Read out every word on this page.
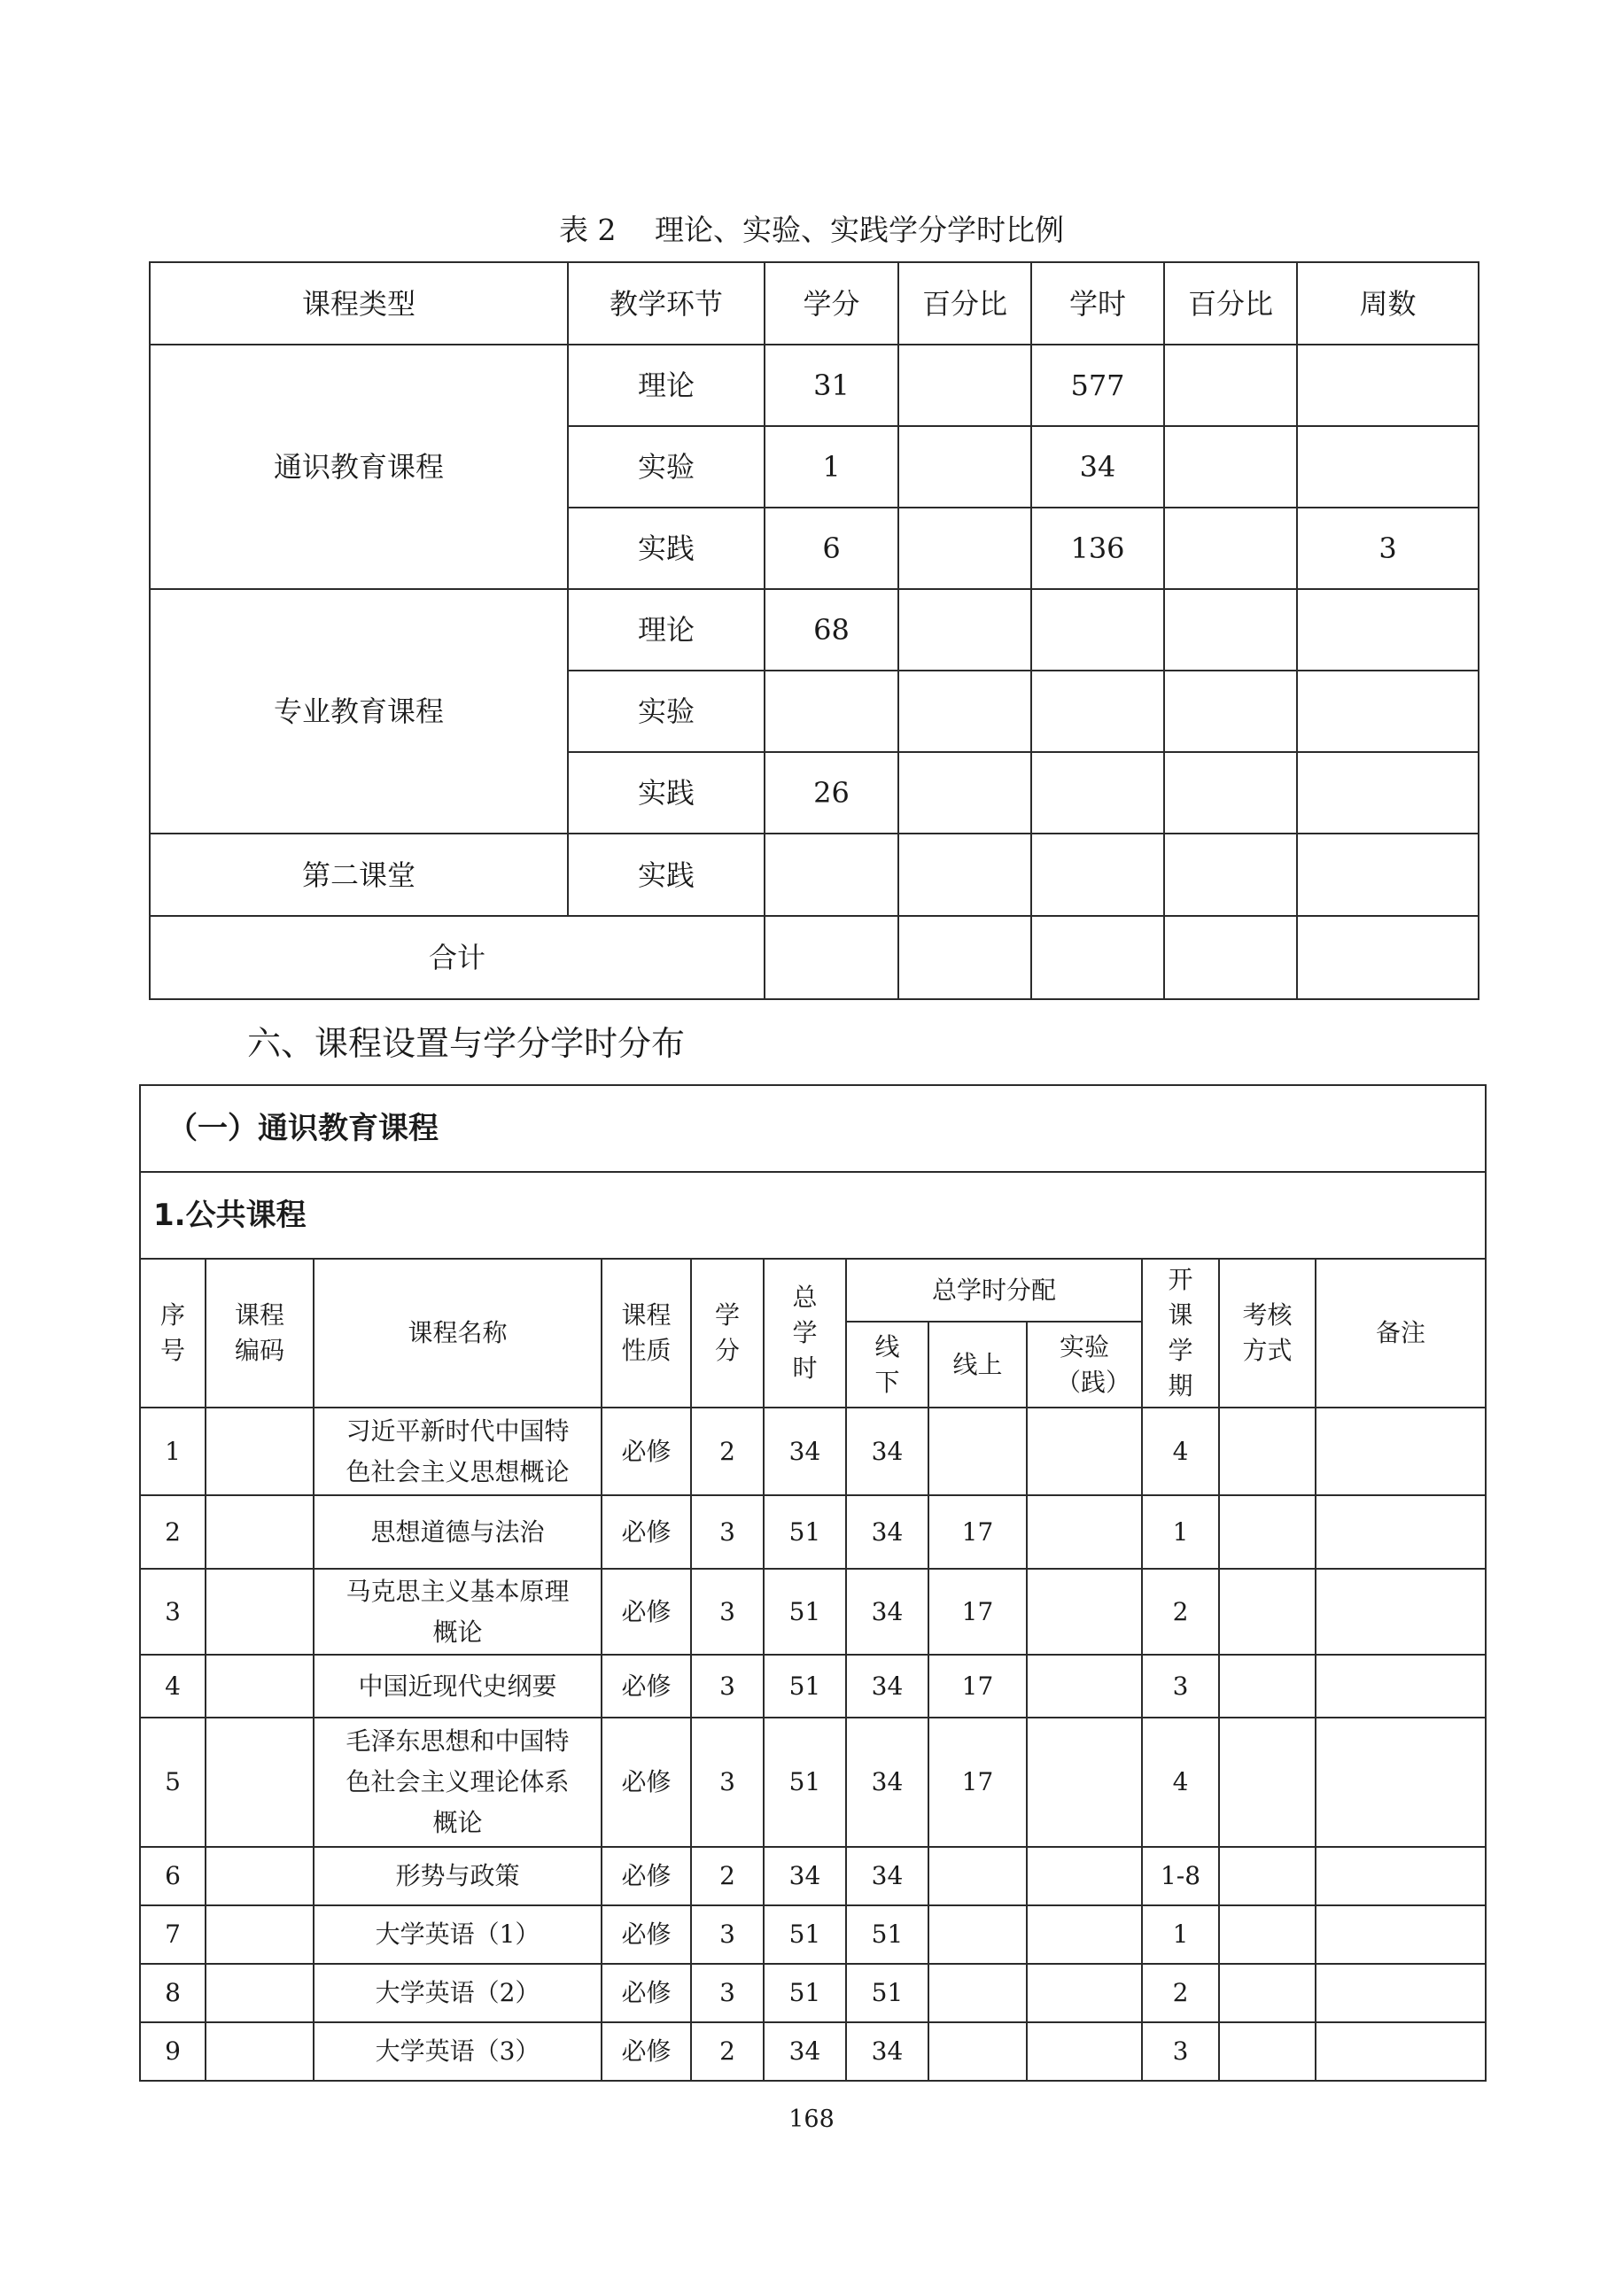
表 2　 理论、实验、实践学分学时比例
课程类型	教学环节	学分	百分比	学时	百分比	周数
通识教育课程	理论	31		577		
	实验	1		34		
	实践	6		136		3
专业教育课程	理论	68				
	实验					
	实践	26				
第二课堂	实践					
合计						
六、课程设置与学分学时分布
（一）通识教育课程											
1.公共课程											

序号	课程编码	课程名称	课程性质	学分	总学时	总学时分配			开课学期	考核方式	备注

						线下	线上	实验（践）			

1		习近平新时代中国特色社会主义思想概论	必修	2	34	34			4		
2		思想道德与法治	必修	3	51	34	17		1		
3		马克思主义基本原理概论	必修	3	51	34	17		2		
4		中国近现代史纲要	必修	3	51	34	17		3		
5		毛泽东思想和中国特色社会主义理论体系概论	必修	3	51	34	17		4		
6		形势与政策	必修	2	34	34			1-8		
7		大学英语（1）	必修	3	51	51			1		
8		大学英语（2）	必修	3	51	51			2		
9		大学英语（3）	必修	2	34	34			3		
168
